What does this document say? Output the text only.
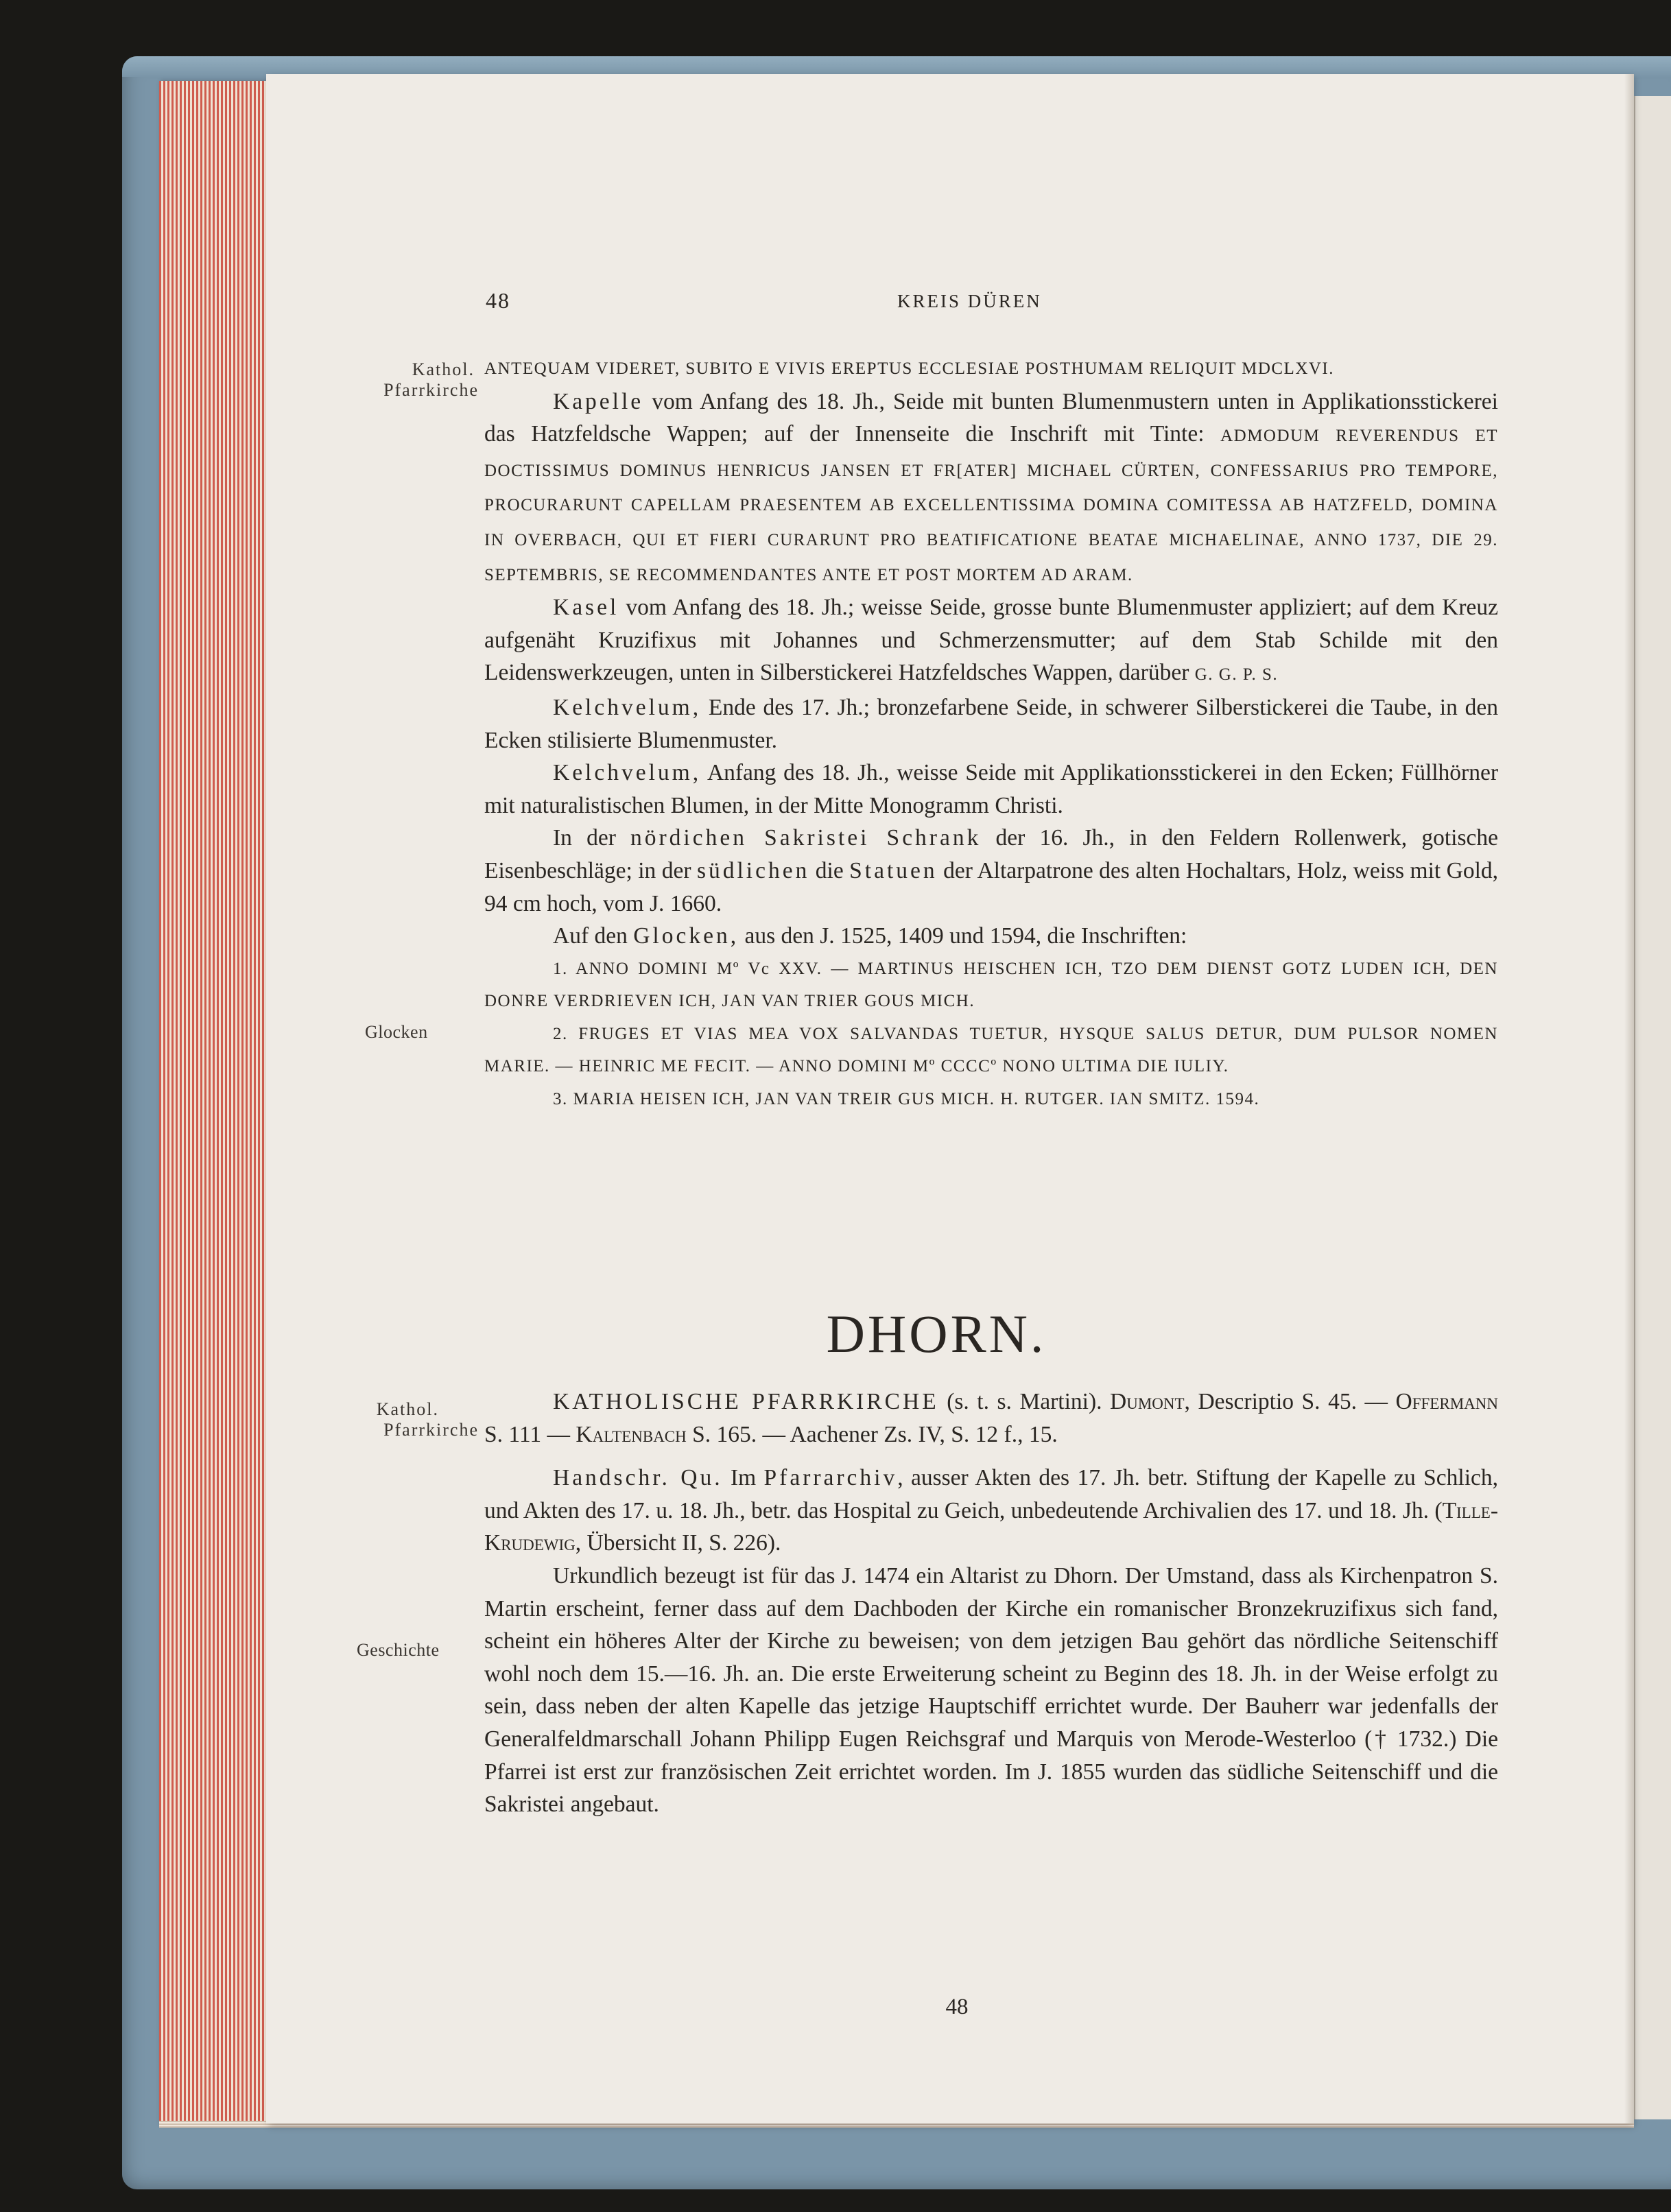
48	KREIS DÜREN
Kathol.
Pfarrkirche
Glocken
Kathol.
Pfarrkirche
Geschichte

ANTEQUAM VIDERET, SUBITO E VIVIS EREPTUS ECCLESIAE POSTHUMAM RELIQUIT MDCLXVI.

Kapelle vom Anfang des 18. Jh., Seide mit bunten Blumenmustern unten in Applikationsstickerei das Hatzfeldsche Wappen; auf der Innenseite die Inschrift mit Tinte: ADMODUM REVERENDUS ET DOCTISSIMUS DOMINUS HENRICUS JANSEN ET FR[ATER] MICHAEL CÜRTEN, CONFESSARIUS PRO TEMPORE, PROCURARUNT CAPELLAM PRAESENTEM AB EXCELLENTISSIMA DOMINA COMITESSA AB HATZFELD, DOMINA IN OVERBACH, QUI ET FIERI CURARUNT PRO BEATIFICATIONE BEATAE MICHAELINAE, ANNO 1737, DIE 29. SEPTEMBRIS, SE RECOMMENDANTES ANTE ET POST MORTEM AD ARAM.

Kasel vom Anfang des 18. Jh.; weisse Seide, grosse bunte Blumenmuster appliziert; auf dem Kreuz aufgenäht Kruzifixus mit Johannes und Schmerzensmutter; auf dem Stab Schilde mit den Leidenswerkzeugen, unten in Silberstickerei Hatzfeldsches Wappen, darüber G. G. P. S.

Kelchvelum, Ende des 17. Jh.; bronzefarbene Seide, in schwerer Silberstickerei die Taube, in den Ecken stilisierte Blumenmuster.

Kelchvelum, Anfang des 18. Jh., weisse Seide mit Applikationsstickerei in den Ecken; Füllhörner mit naturalistischen Blumen, in der Mitte Monogramm Christi.

In der nördichen Sakristei Schrank der 16. Jh., in den Feldern Rollenwerk, gotische Eisenbeschläge; in der südlichen die Statuen der Altarpatrone des alten Hochaltars, Holz, weiss mit Gold, 94 cm hoch, vom J. 1660.

Auf den Glocken, aus den J. 1525, 1409 und 1594, die Inschriften:

1. ANNO DOMINI Mº Vc XXV. — MARTINUS HEISCHEN ICH, TZO DEM DIENST GOTZ LUDEN ICH, DEN DONRE VERDRIEVEN ICH, JAN VAN TRIER GOUS MICH.

2. FRUGES ET VIAS MEA VOX SALVANDAS TUETUR, HYSQUE SALUS DETUR, DUM PULSOR NOMEN MARIE. — HEINRIC ME FECIT. — ANNO DOMINI Mº CCCCº NONO ULTIMA DIE IULIY.

3. MARIA HEISEN ICH, JAN VAN TREIR GUS MICH. H. RUTGER. IAN SMITZ. 1594.

DHORN.

KATHOLISCHE PFARRKIRCHE (s. t. s. Martini). Dumont, Descriptio S. 45. — Offermann S. 111 — Kaltenbach S. 165. — Aachener Zs. IV, S. 12 f., 15.

Handschr. Qu. Im Pfarrarchiv, ausser Akten des 17. Jh. betr. Stiftung der Kapelle zu Schlich, und Akten des 17. u. 18. Jh., betr. das Hospital zu Geich, unbedeutende Archivalien des 17. und 18. Jh. (Tille-Krudewig, Übersicht II, S. 226).

Urkundlich bezeugt ist für das J. 1474 ein Altarist zu Dhorn. Der Umstand, dass als Kirchenpatron S. Martin erscheint, ferner dass auf dem Dachboden der Kirche ein romanischer Bronzekruzifixus sich fand, scheint ein höheres Alter der Kirche zu beweisen; von dem jetzigen Bau gehört das nördliche Seitenschiff wohl noch dem 15.—16. Jh. an. Die erste Erweiterung scheint zu Beginn des 18. Jh. in der Weise erfolgt zu sein, dass neben der alten Kapelle das jetzige Hauptschiff errichtet wurde. Der Bauherr war jedenfalls der Generalfeldmarschall Johann Philipp Eugen Reichsgraf und Marquis von Merode-Westerloo († 1732.) Die Pfarrei ist erst zur französischen Zeit errichtet worden. Im J. 1855 wurden das südliche Seitenschiff und die Sakristei angebaut.

48
